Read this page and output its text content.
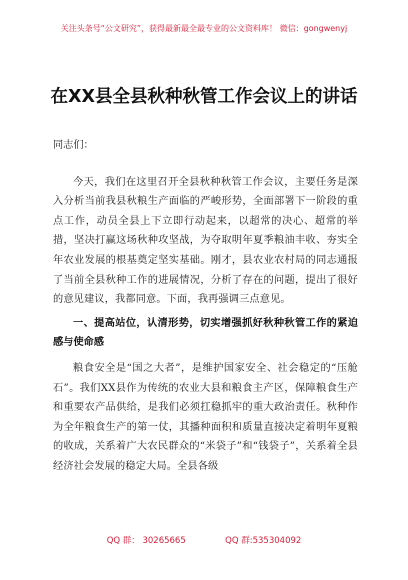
关注头条号“公文研究”，获得最新最全最专业的公文资料库！ 微信：gongwenyj
在XX县全县秋种秋管工作会议上的讲话

同志们：

今天，我们在这里召开全县秋种秋管工作会议，主要任务是深入分析当前我县秋粮生产面临的严峻形势，全面部署下一阶段的重点工作，动员全县上下立即行动起来，以超常的决心、超常的举措，坚决打赢这场秋种攻坚战，为夺取明年夏季粮油丰收、夯实全年农业发展的根基奠定坚实基础。刚才，县农业农村局的同志通报了当前全县秋种工作的进展情况，分析了存在的问题，提出了很好的意见建议，我都同意。下面，我再强调三点意见。

一、提高站位，认清形势，切实增强抓好秋种秋管工作的紧迫感与使命感

粮食安全是“国之大者”，是维护国家安全、社会稳定的“压舱石”。我们XX县作为传统的农业大县和粮食主产区，保障粮食生产和重要农产品供给，是我们必须扛稳抓牢的重大政治责任。秋种作为全年粮食生产的第一仗，其播种面积和质量直接决定着明年夏粮的收成，关系着广大农民群众的“米袋子”和“钱袋子”，关系着全县经济社会发展的稳定大局。全县各级

QQ 群： 30265665	QQ 群:535304092
